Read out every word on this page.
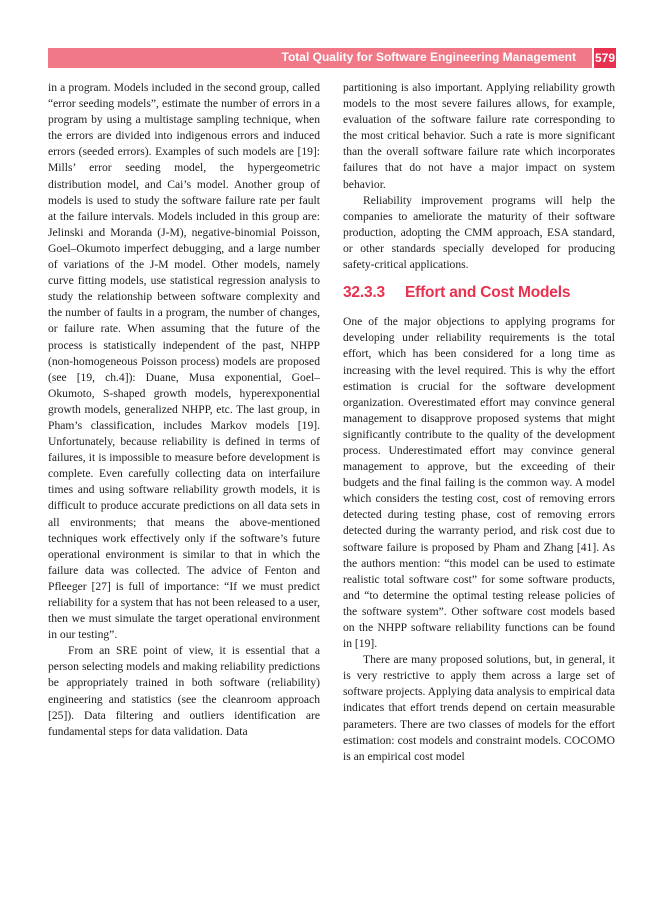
Total Quality for Software Engineering Management 579

in a program. Models included in the second group, called “error seeding models”, estimate the number of errors in a program by using a multistage sampling technique, when the errors are divided into indigenous errors and induced errors (seeded errors). Examples of such models are [19]: Mills’ error seeding model, the hypergeometric distribution model, and Cai’s model. Another group of models is used to study the software failure rate per fault at the failure intervals. Models included in this group are: Jelinski and Moranda (J-M), negative-binomial Poisson, Goel–Okumoto imperfect debugging, and a large number of variations of the J-M model. Other models, namely curve fitting models, use statistical regression analysis to study the relationship between software complexity and the number of faults in a program, the number of changes, or failure rate. When assuming that the future of the process is statistically independent of the past, NHPP (non-homogeneous Poisson process) models are proposed (see [19, ch.4]): Duane, Musa exponential, Goel–Okumoto, S-shaped growth models, hyperexponential growth models, generalized NHPP, etc. The last group, in Pham’s classification, includes Markov models [19]. Unfortunately, because reliability is defined in terms of failures, it is impossible to measure before development is complete. Even carefully collecting data on interfailure times and using software reliability growth models, it is difficult to produce accurate predictions on all data sets in all environments; that means the above-mentioned techniques work effectively only if the software’s future operational environment is similar to that in which the failure data was collected. The advice of Fenton and Pfleeger [27] is full of importance: “If we must predict reliability for a system that has not been released to a user, then we must simulate the target operational environment in our testing”.

From an SRE point of view, it is essential that a person selecting models and making reliability predictions be appropriately trained in both software (reliability) engineering and statistics (see the cleanroom approach [25]). Data filtering and outliers identification are fundamental steps for data validation. Data

partitioning is also important. Applying reliability growth models to the most severe failures allows, for example, evaluation of the software failure rate corresponding to the most critical behavior. Such a rate is more significant than the overall software failure rate which incorporates failures that do not have a major impact on system behavior.

Reliability improvement programs will help the companies to ameliorate the maturity of their software production, adopting the CMM approach, ESA standard, or other standards specially developed for producing safety-critical applications.

32.3.3 Effort and Cost Models

One of the major objections to applying programs for developing under reliability requirements is the total effort, which has been considered for a long time as increasing with the level required. This is why the effort estimation is crucial for the software development organization. Overestimated effort may convince general management to disapprove proposed systems that might significantly contribute to the quality of the development process. Underestimated effort may convince general management to approve, but the exceeding of their budgets and the final failing is the common way. A model which considers the testing cost, cost of removing errors detected during testing phase, cost of removing errors detected during the warranty period, and risk cost due to software failure is proposed by Pham and Zhang [41]. As the authors mention: “this model can be used to estimate realistic total software cost” for some software products, and “to determine the optimal testing release policies of the software system”. Other software cost models based on the NHPP software reliability functions can be found in [19].

There are many proposed solutions, but, in general, it is very restrictive to apply them across a large set of software projects. Applying data analysis to empirical data indicates that effort trends depend on certain measurable parameters. There are two classes of models for the effort estimation: cost models and constraint models. COCOMO is an empirical cost model
